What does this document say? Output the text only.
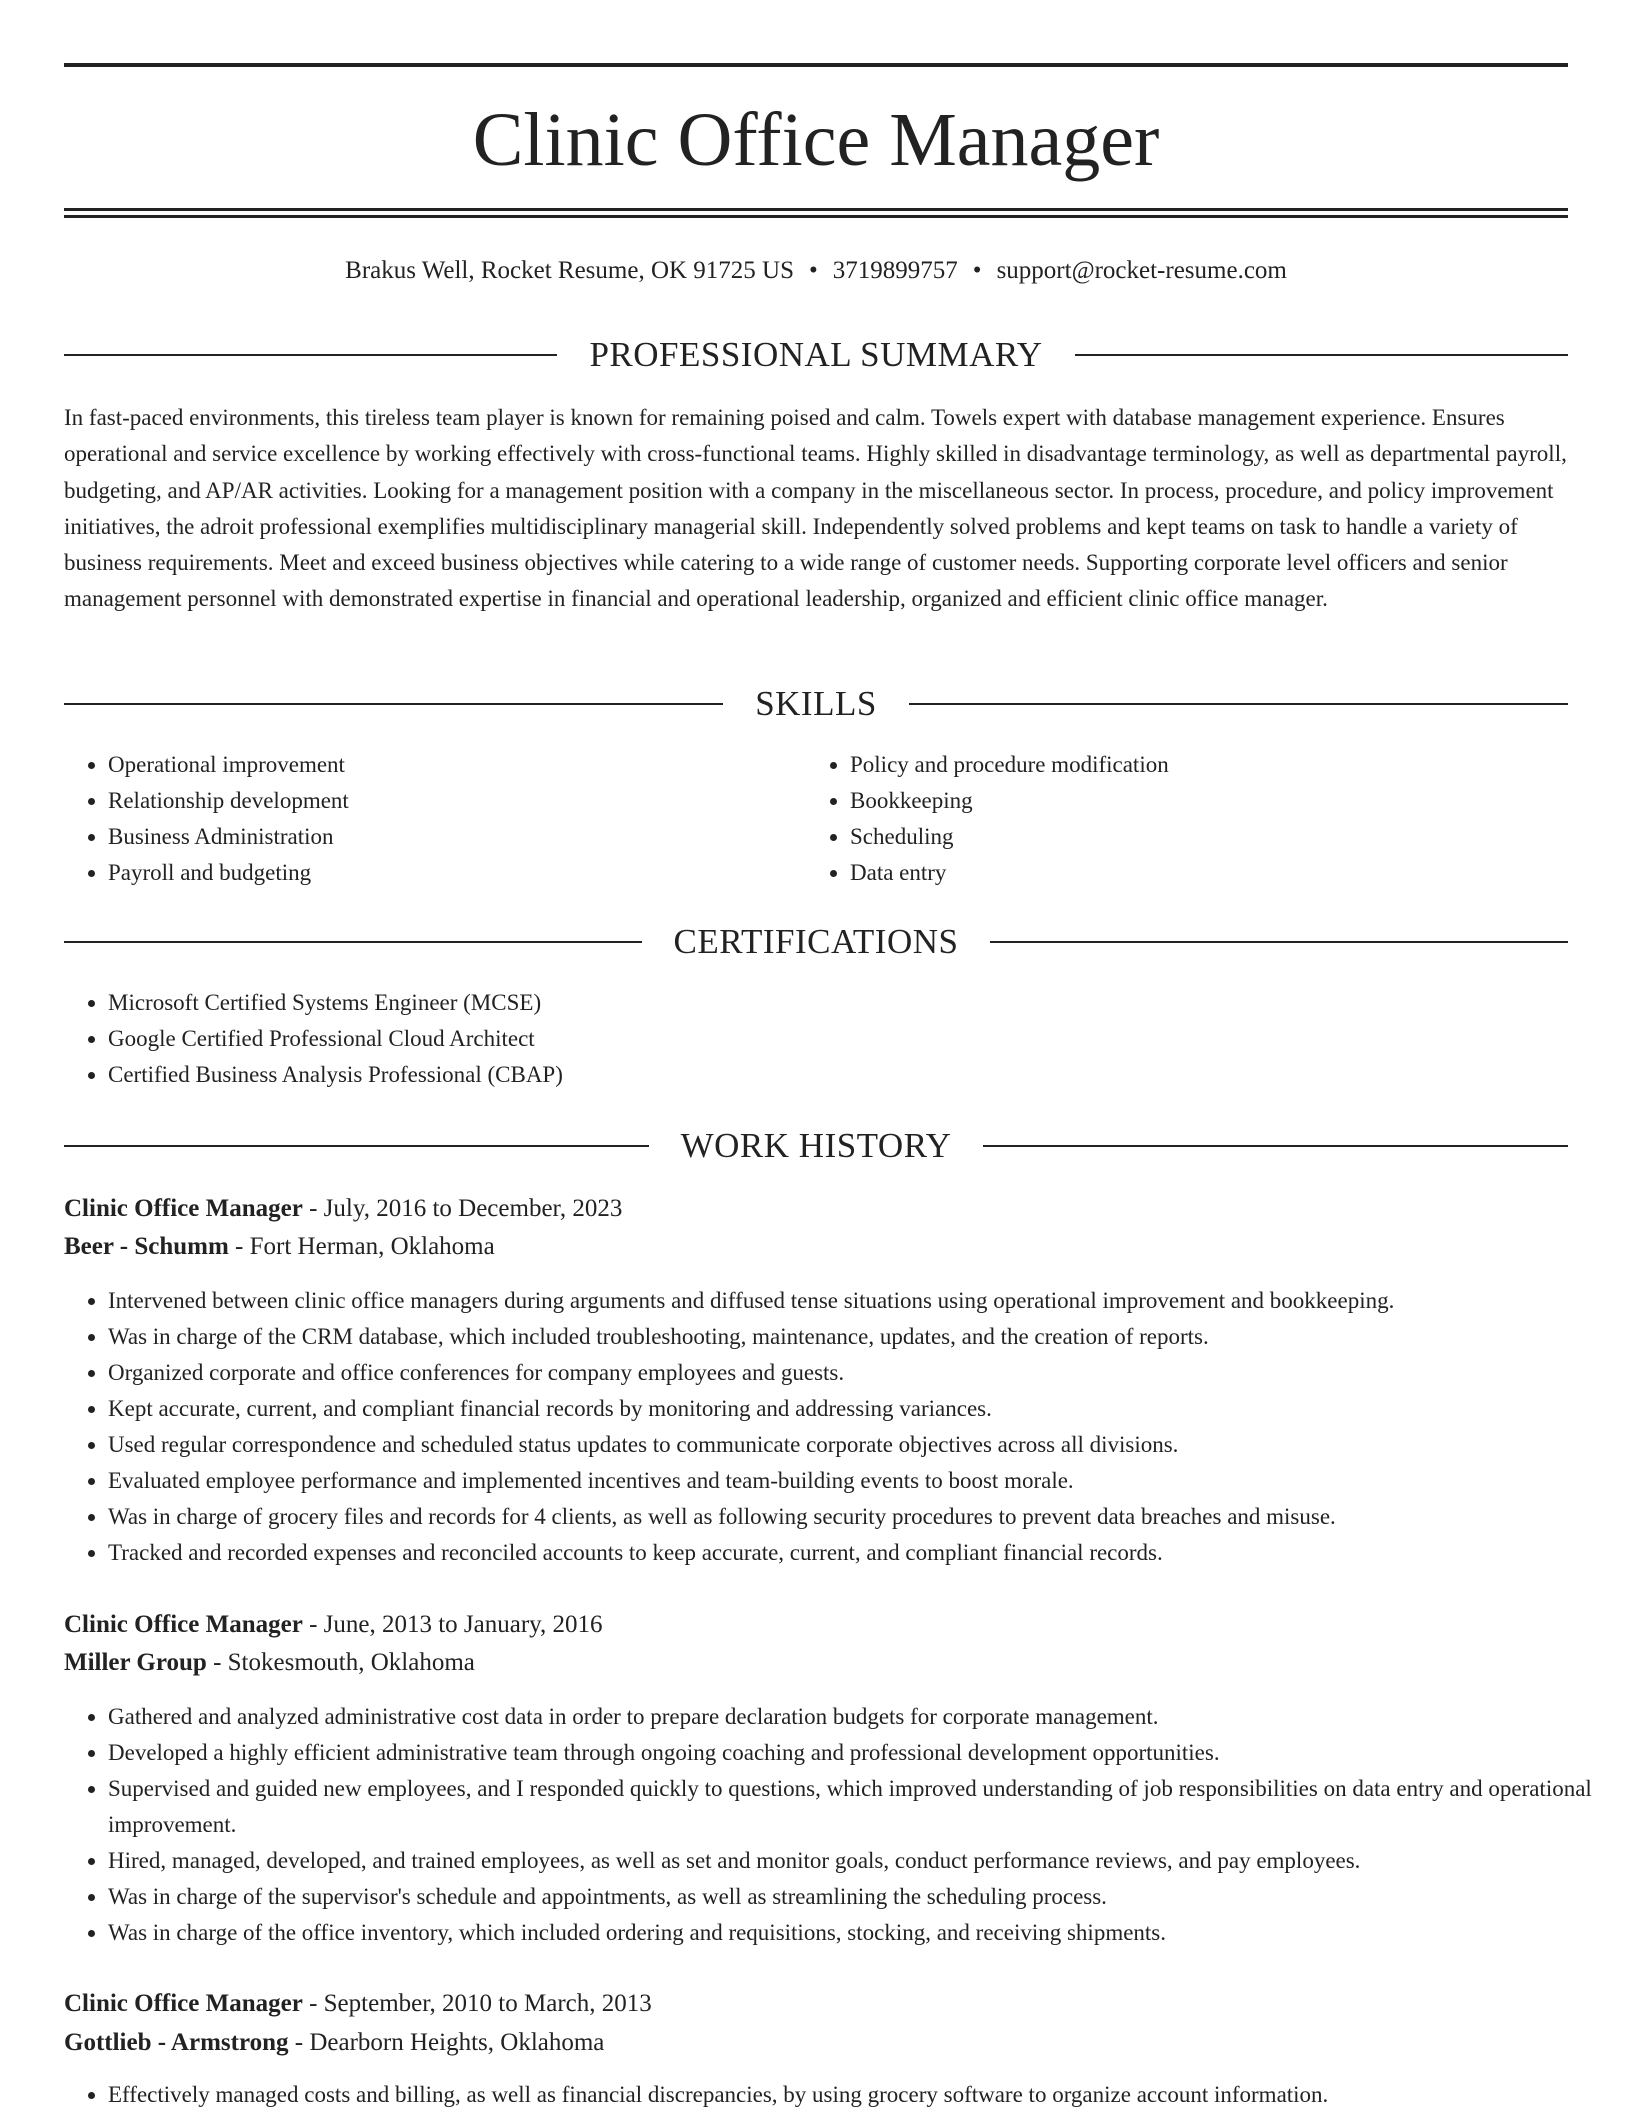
Clinic Office Manager
Brakus Well, Rocket Resume, OK 91725 US • 3719899757 • support@rocket-resume.com
PROFESSIONAL SUMMARY

In fast-paced environments, this tireless team player is known for remaining poised and calm. Towels expert with database management experience. Ensures operational and service excellence by working effectively with cross-functional teams. Highly skilled in disadvantage terminology, as well as departmental payroll, budgeting, and AP/AR activities. Looking for a management position with a company in the miscellaneous sector. In process, procedure, and policy improvement initiatives, the adroit professional exemplifies multidisciplinary managerial skill. Independently solved problems and kept teams on task to handle a variety of business requirements. Meet and exceed business objectives while catering to a wide range of customer needs. Supporting corporate level officers and senior management personnel with demonstrated expertise in financial and operational leadership, organized and efficient clinic office manager.

SKILLS
• Operational improvement
• Relationship development
• Business Administration
• Payroll and budgeting
• Policy and procedure modification
• Bookkeeping
• Scheduling
• Data entry
CERTIFICATIONS
• Microsoft Certified Systems Engineer (MCSE)
• Google Certified Professional Cloud Architect
• Certified Business Analysis Professional (CBAP)
WORK HISTORY
Clinic Office Manager - July, 2016 to December, 2023
Beer - Schumm - Fort Herman, Oklahoma
• Intervened between clinic office managers during arguments and diffused tense situations using operational improvement and bookkeeping.
• Was in charge of the CRM database, which included troubleshooting, maintenance, updates, and the creation of reports.
• Organized corporate and office conferences for company employees and guests.
• Kept accurate, current, and compliant financial records by monitoring and addressing variances.
• Used regular correspondence and scheduled status updates to communicate corporate objectives across all divisions.
• Evaluated employee performance and implemented incentives and team-building events to boost morale.
• Was in charge of grocery files and records for 4 clients, as well as following security procedures to prevent data breaches and misuse.
• Tracked and recorded expenses and reconciled accounts to keep accurate, current, and compliant financial records.
Clinic Office Manager - June, 2013 to January, 2016
Miller Group - Stokesmouth, Oklahoma
• Gathered and analyzed administrative cost data in order to prepare declaration budgets for corporate management.
• Developed a highly efficient administrative team through ongoing coaching and professional development opportunities.
• Supervised and guided new employees, and I responded quickly to questions, which improved understanding of job responsibilities on data entry and operational improvement.
• Hired, managed, developed, and trained employees, as well as set and monitor goals, conduct performance reviews, and pay employees.
• Was in charge of the supervisor's schedule and appointments, as well as streamlining the scheduling process.
• Was in charge of the office inventory, which included ordering and requisitions, stocking, and receiving shipments.
Clinic Office Manager - September, 2010 to March, 2013
Gottlieb - Armstrong - Dearborn Heights, Oklahoma
• Effectively managed costs and billing, as well as financial discrepancies, by using grocery software to organize account information.
